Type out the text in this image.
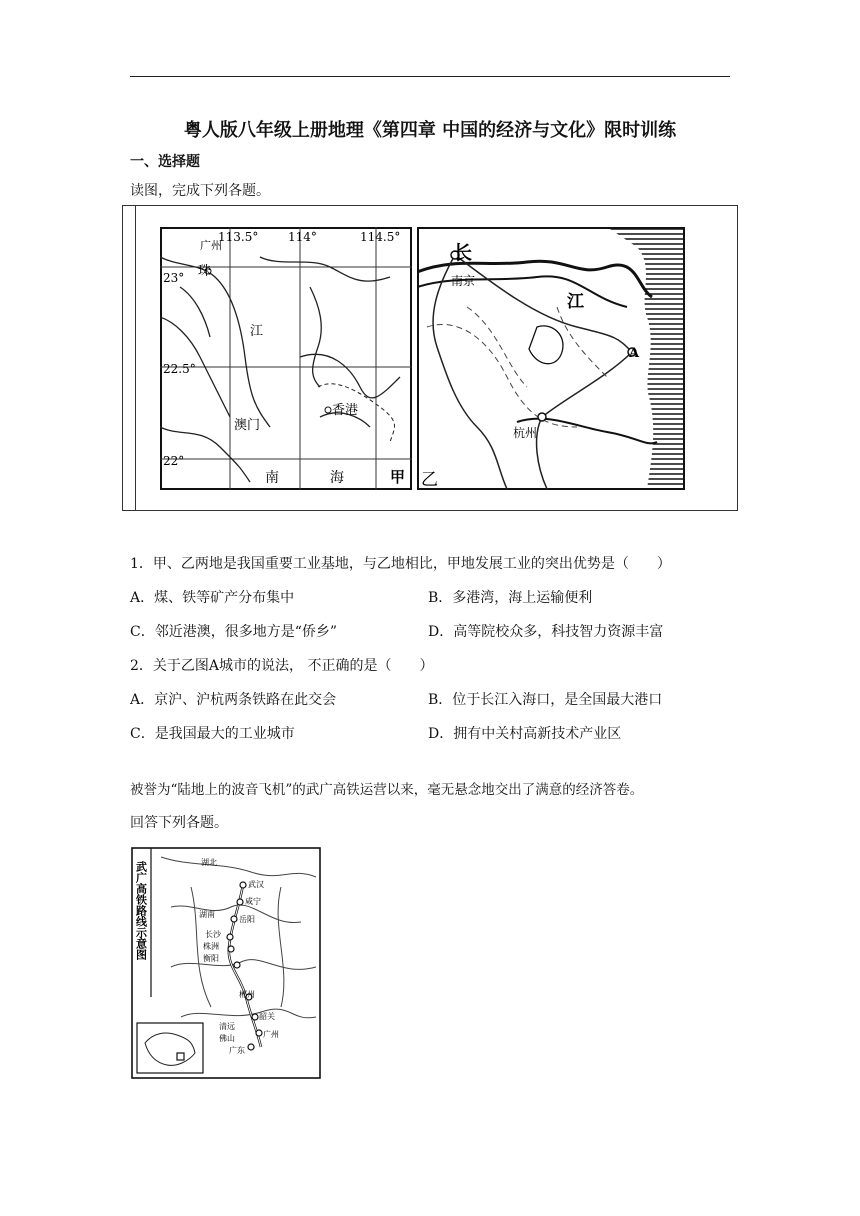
粤人版八年级上册地理《第四章 中国的经济与文化》限时训练
一、选择题
读图，完成下列各题。
广州
珠
江
澳门
香港
南	海	甲
113.5° 114°	114.5°
23°
22.5°
22°
长
江
南京
A
杭州
乙
1．甲、乙两地是我国重要工业基地，与乙地相比，甲地发展工业的突出优势是（　　）
A．煤、铁等矿产分布集中	B．多港湾，海上运输便利
C．邻近港澳，很多地方是“侨乡”	D．高等院校众多，科技智力资源丰富
2．关于乙图A城市的说法， 不正确的是（　　）
A．京沪、沪杭两条铁路在此交会	B．位于长江入海口，是全国最大港口
C．是我国最大的工业城市	D．拥有中关村高新技术产业区
被誉为“陆地上的波音飞机”的武广高铁运营以来，毫无悬念地交出了满意的经济答卷。
回答下列各题。
武广高铁路线示意图	湖北
武汉
咸宁
湖南
岳阳
长沙
株洲
衡阳
郴州
韶关
清远
佛山	广州
广东
